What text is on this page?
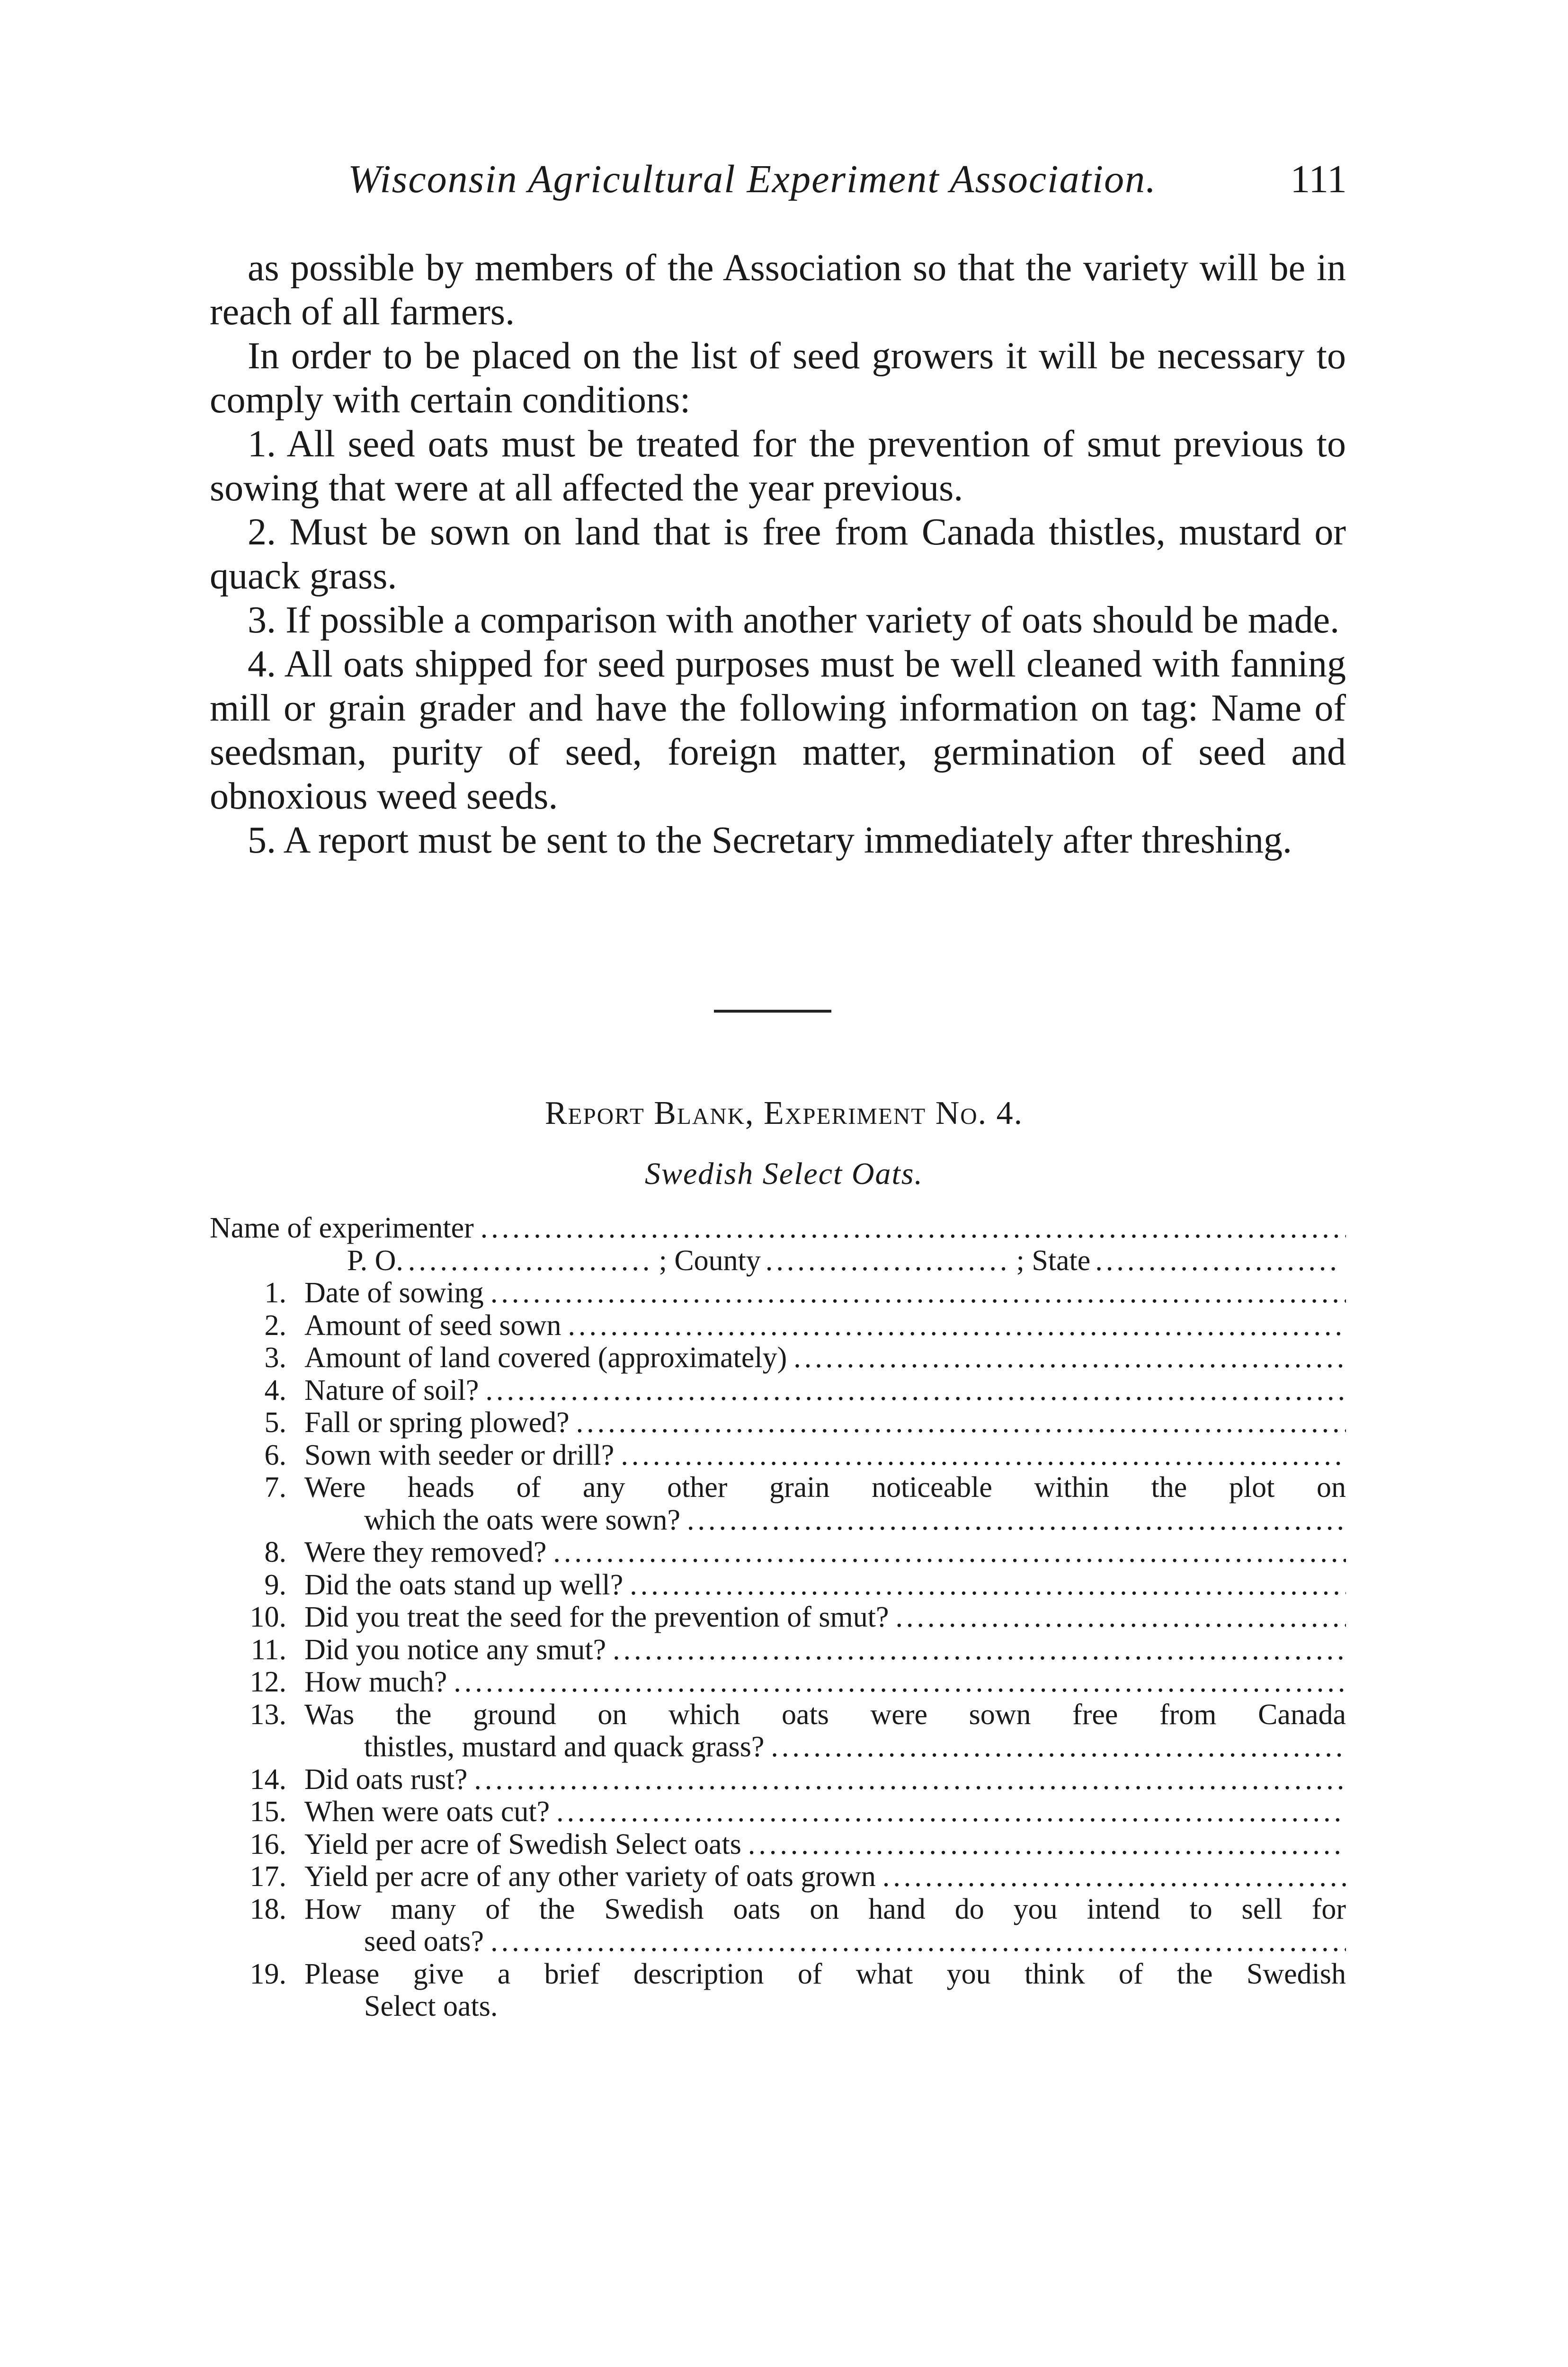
Wisconsin Agricultural Experiment Association.	111

as possible by members of the Association so that the variety will be in reach of all farmers.

In order to be placed on the list of seed growers it will be necessary to comply with certain conditions:

1. All seed oats must be treated for the prevention of smut previous to sowing that were at all affected the year previous.

2. Must be sown on land that is free from Canada thistles, mustard or quack grass.

3. If possible a comparison with another variety of oats should be made.

4. All oats shipped for seed purposes must be well cleaned with fanning mill or grain grader and have the following information on tag: Name of seedsman, purity of seed, foreign matter, germination of seed and obnoxious weed seeds.

5. A report must be sent to the Secretary immediately after threshing.

Report Blank, Experiment No. 4.
Swedish Select Oats.
Name of experimenter
.....
P. O. .....	; County .....	; State
.....
1. Date of sowing
.....
2. Amount of seed sown
.....
3. Amount of land covered (approximately)
.....
4. Nature of soil?
.....
5. Fall or spring plowed?
.....
6. Sown with seeder or drill?
.....
7. Were heads of any other grain noticeable within the plot on
which the oats were sown?
.....
8. Were they removed?
.....
9. Did the oats stand up well?
.....
10. Did you treat the seed for the prevention of smut?
.....
11. Did you notice any smut?
.....
12. How much?
.....
13. Was the ground on which oats were sown free from Canada
thistles, mustard and quack grass?
.....
14. Did oats rust?
.....
15. When were oats cut?
.....
16. Yield per acre of Swedish Select oats
.....
17. Yield per acre of any other variety of oats grown
.....
18. How many of the Swedish oats on hand do you intend to sell for
seed oats?
.....
19. Please give a brief description of what you think of the Swedish
Select oats.
